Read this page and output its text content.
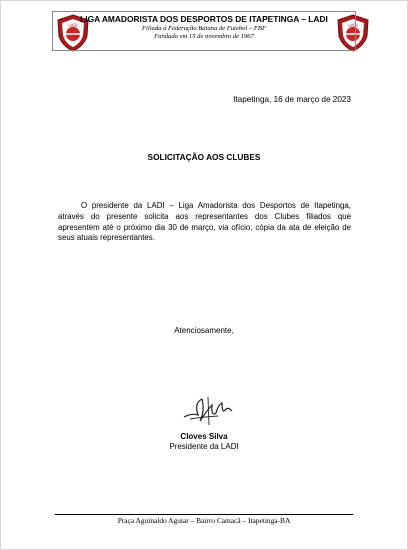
LADI	LADI
LIGA AMADORISTA DOS DESPORTOS DE ITAPETINGA – LADI
Filiada à Federação Baiana de Futebol – FBF
Fundada em 15 de novembro de 1967
Itapetinga, 16 de março de 2023
SOLICITAÇÃO AOS CLUBES
O presidente da LADI – Liga Amadorista dos Desportos de Itapetinga, através do presente solicita aos representantes dos Clubes filiados que apresentem até o próximo dia 30 de março, via ofício, cópia da ata de eleição de seus atuais representantes.
Atenciosamente,
Cloves Silva
Presidente da LADI
Praça Aguinaldo Aguiar – Bairro Camacã – Itapetinga-BA
